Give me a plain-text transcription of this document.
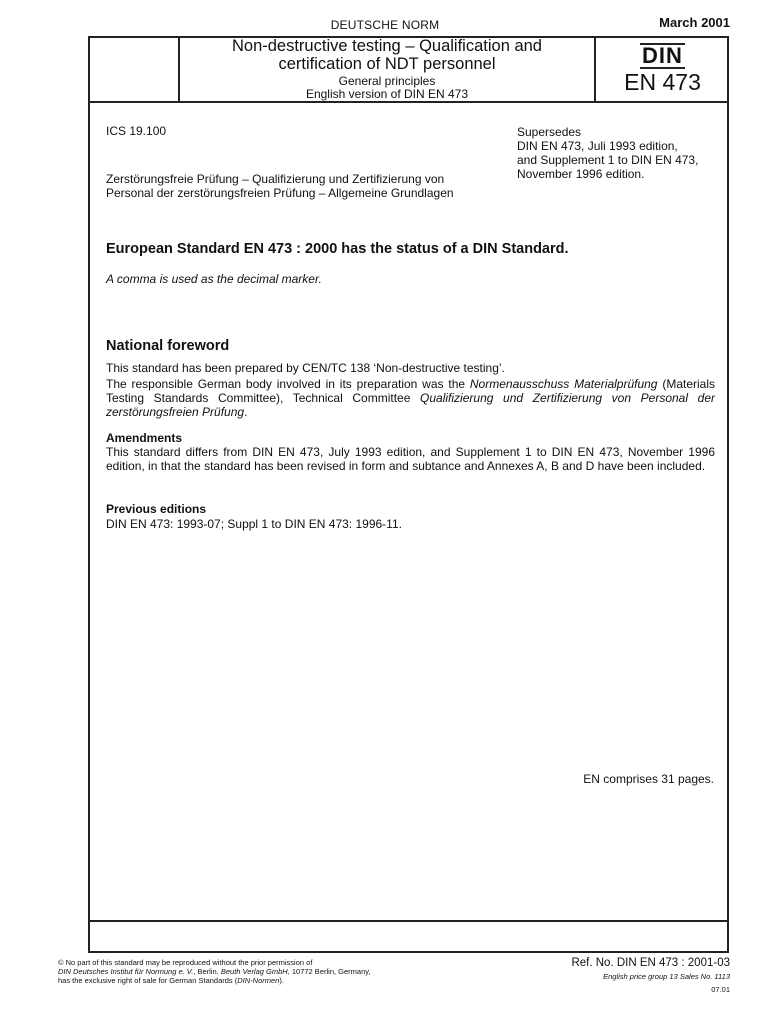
DEUTSCHE NORM	March 2001
Non-destructive testing – Qualification and
certification of NDT personnel
General principles
English version of DIN EN 473
DIN
EN 473
ICS 19.100	Supersedes
DIN EN 473, Juli 1993 edition,
and Supplement 1 to DIN EN 473,
November 1996 edition.
Zerstörungsfreie Prüfung – Qualifizierung und Zertifizierung von
Personal der zerstörungsfreien Prüfung – Allgemeine Grundlagen
European Standard EN 473 : 2000 has the status of a DIN Standard.
A comma is used as the decimal marker.
National foreword
This standard has been prepared by CEN/TC 138 ‘Non-destructive testing’.
The responsible German body involved in its preparation was the Normenausschuss Materialprüfung (Materials Testing Standards Committee), Technical Committee Qualifizierung und Zertifizierung von Personal der zerstörungsfreien Prüfung.
Amendments
This standard differs from DIN EN 473, July 1993 edition, and Supplement 1 to DIN EN 473, November 1996 edition, in that the standard has been revised in form and subtance and Annexes A, B and D have been included.
Previous editions
DIN EN 473: 1993-07; Suppl 1 to DIN EN 473: 1996-11.
EN comprises 31 pages.
© No part of this standard may be reproduced without the prior permission of
DIN Deutsches Institut für Normung e. V., Berlin. Beuth Verlag GmbH, 10772 Berlin, Germany,
has the exclusive right of sale for German Standards (DIN-Normen).
Ref. No. DIN EN 473 : 2001-03
English price group 13 Sales No. 1113
07.01
